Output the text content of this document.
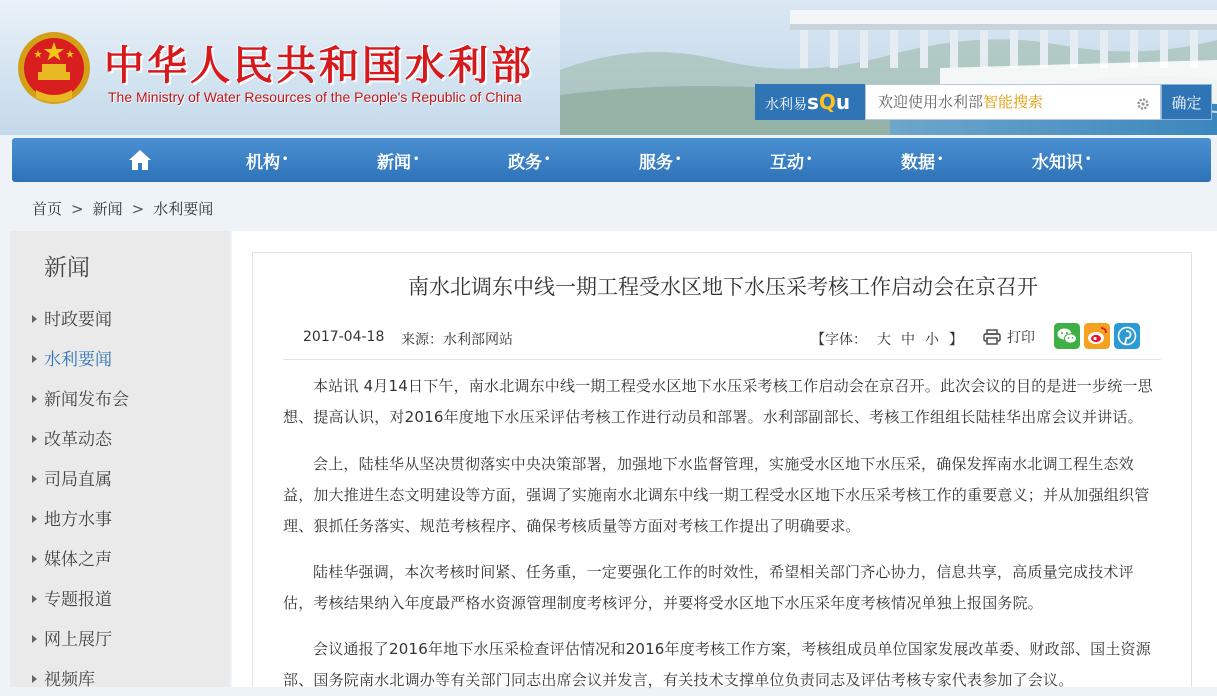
中华人民共和国水利部
The Ministry of Water Resources of the People's Republic of China	水利易sQu	欢迎使用水利部智能搜索	确定
机构 •	新闻 •	政务 •	服务 •	互动 •	数据 •	水知识 •
首页 > 新闻 > 水利要闻
新闻
时政要闻
水利要闻
新闻发布会
改革动态
司局直属
地方水事
媒体之声
专题报道
网上展厅
视频库
南水北调东中线一期工程受水区地下水压采考核工作启动会在京召开
2017-04-18 来源：水利部网站	【字体： 大 中 小 】	打印

本站讯 4月14日下午，南水北调东中线一期工程受水区地下水压采考核工作启动会在京召开。此次会议的目的是进一步统一思想、提高认识，对2016年度地下水压采评估考核工作进行动员和部署。水利部副部长、考核工作组组长陆桂华出席会议并讲话。

会上，陆桂华从坚决贯彻落实中央决策部署，加强地下水监督管理，实施受水区地下水压采，确保发挥南水北调工程生态效益，加大推进生态文明建设等方面，强调了实施南水北调东中线一期工程受水区地下水压采考核工作的重要意义；并从加强组织管理、狠抓任务落实、规范考核程序、确保考核质量等方面对考核工作提出了明确要求。

陆桂华强调，本次考核时间紧、任务重，一定要强化工作的时效性，希望相关部门齐心协力，信息共享，高质量完成技术评估，考核结果纳入年度最严格水资源管理制度考核评分，并要将受水区地下水压采年度考核情况单独上报国务院。

会议通报了2016年地下水压采检查评估情况和2016年度考核工作方案，考核组成员单位国家发展改革委、财政部、国土资源部、国务院南水北调办等有关部门同志出席会议并发言，有关技术支撑单位负责同志及评估考核专家代表参加了会议。
